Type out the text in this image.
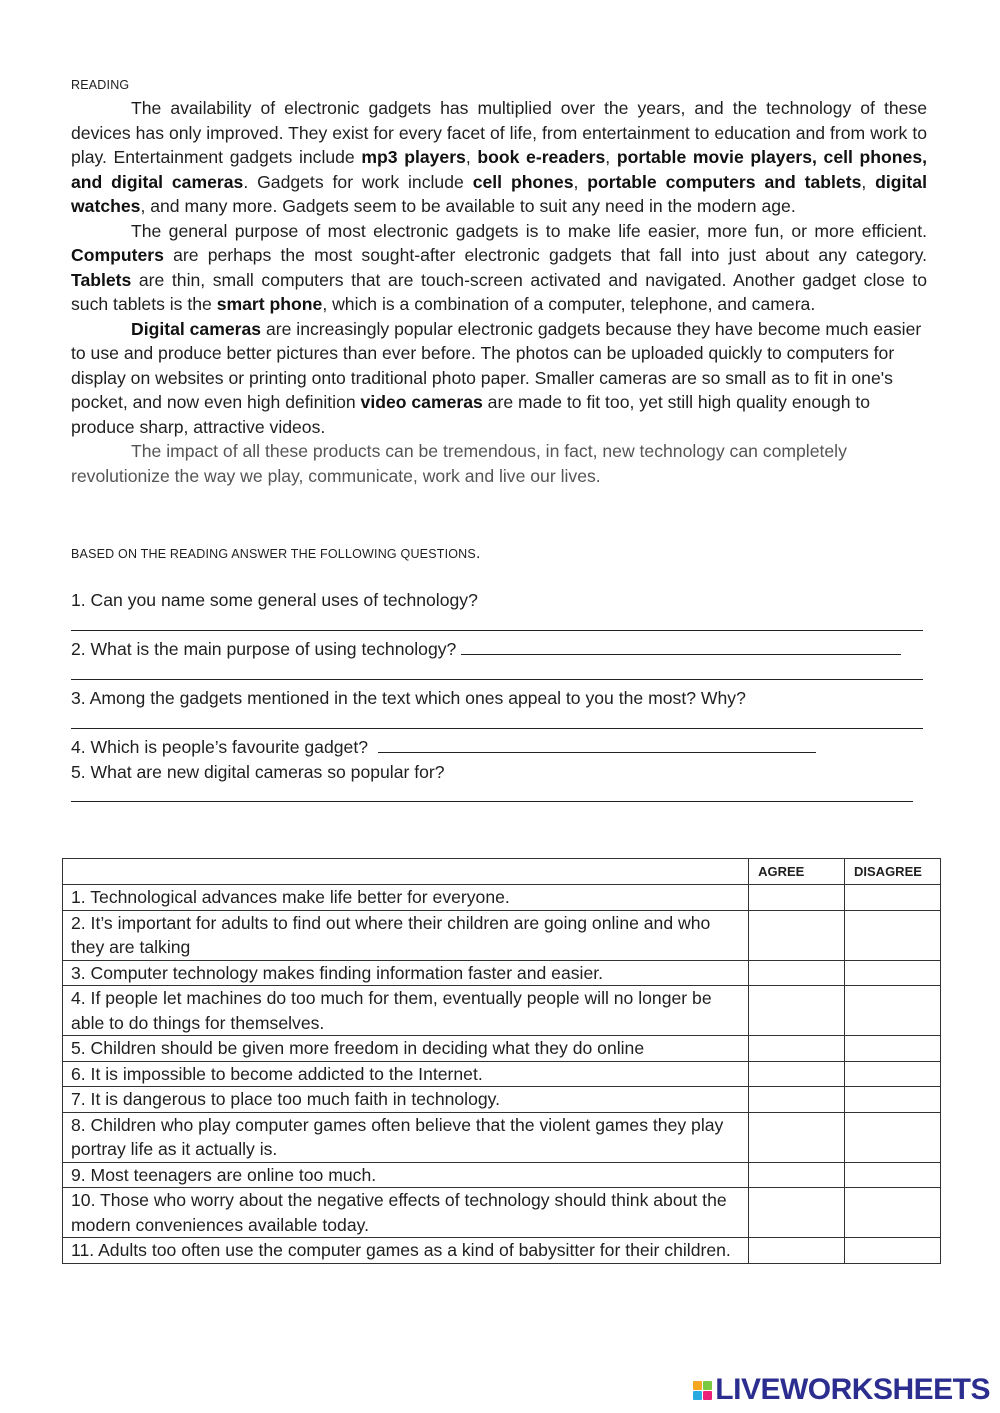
READING

The availability of electronic gadgets has multiplied over the years, and the technology of these devices has only improved. They exist for every facet of life, from entertainment to education and from work to play. Entertainment gadgets include mp3 players, book e-readers, portable movie players, cell phones, and digital cameras. Gadgets for work include cell phones, portable computers and tablets, digital watches, and many more. Gadgets seem to be available to suit any need in the modern age.

The general purpose of most electronic gadgets is to make life easier, more fun, or more efficient. Computers are perhaps the most sought-after electronic gadgets that fall into just about any category. Tablets are thin, small computers that are touch-screen activated and navigated. Another gadget close to such tablets is the smart phone, which is a combination of a computer, telephone, and camera.

Digital cameras are increasingly popular electronic gadgets because they have become much easier to use and produce better pictures than ever before. The photos can be uploaded quickly to computers for display on websites or printing onto traditional photo paper. Smaller cameras are so small as to fit in one's pocket, and now even high definition video cameras are made to fit too, yet still high quality enough to produce sharp, attractive videos.

The impact of all these products can be tremendous, in fact, new technology can completely revolutionize the way we play, communicate, work and live our lives.

BASED ON THE READING ANSWER THE FOLLOWING QUESTIONS.
1. Can you name some general uses of technology?
2. What is the main purpose of using technology?
3. Among the gadgets mentioned in the text which ones appeal to you the most? Why?
4. Which is people’s favourite gadget?
5. What are new digital cameras so popular for?
	AGREE	DISAGREE
1. Technological advances make life better for everyone.		
2. It’s important for adults to find out where their children are going online and who they are talking		
3. Computer technology makes finding information faster and easier.		
4. If people let machines do too much for them, eventually people will no longer be able to do things for themselves.		
5. Children should be given more freedom in deciding what they do online		
6. It is impossible to become addicted to the Internet.		
7. It is dangerous to place too much faith in technology.		
8. Children who play computer games often believe that the violent games they play portray life as it actually is.		
9. Most teenagers are online too much.		
10. Those who worry about the negative effects of technology should think about the modern conveniences available today.		
11. Adults too often use the computer games as a kind of babysitter for their children.		
LIVEWORKSHEETS
